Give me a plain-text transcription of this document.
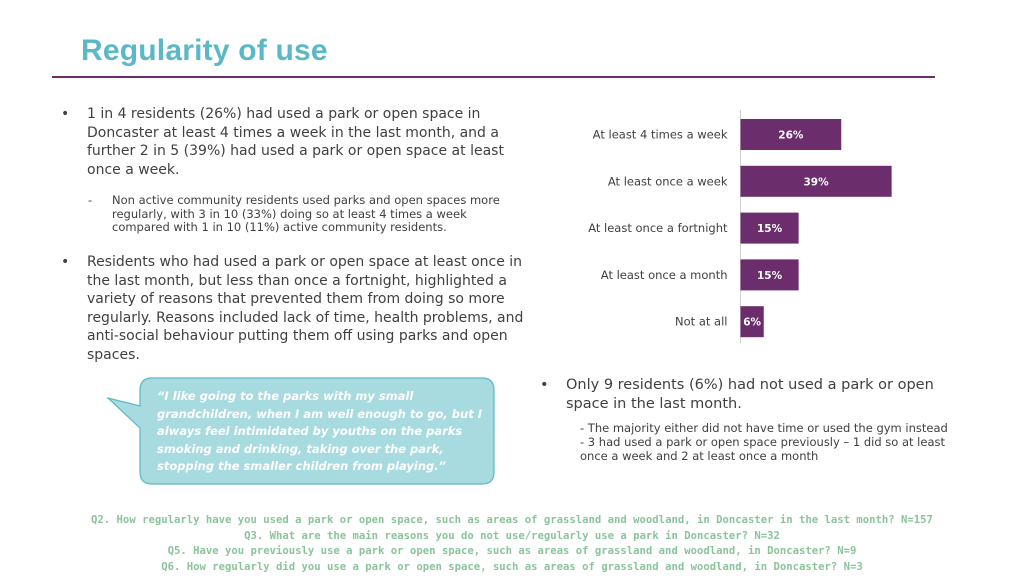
Regularity of use
• 1 in 4 residents (26%) had used a park or open space in Doncaster at least 4 times a week in the last month, and a further 2 in 5 (39%) had used a park or open space at least once a week.
- Non active community residents used parks and open spaces more regularly, with 3 in 10 (33%) doing so at least 4 times a week compared with 1 in 10 (11%) active community residents.
• Residents who had used a park or open space at least once in the last month, but less than once a fortnight, highlighted a variety of reasons that prevented them from doing so more regularly. Reasons included lack of time, health problems, and anti-social behaviour putting them off using parks and open spaces.
“I like going to the parks with my small grandchildren, when I am well enough to go, but I always feel intimidated by youths on the parks smoking and drinking, taking over the park, stopping the smaller children from playing.”
At least 4 times a week	26%
At least once a week	39%
At least once a fortnight	15%
At least once a month	15%
Not at all 6%
• Only 9 residents (6%) had not used a park or open space in the last month.
- The majority either did not have time or used the gym instead
- 3 had used a park or open space previously – 1 did so at least once a week and 2 at least once a month
Q2. How regularly have you used a park or open space, such as areas of grassland and woodland, in Doncaster in the last month? N=157
Q3. What are the main reasons you do not use/regularly use a park in Doncaster? N=32
Q5. Have you previously use a park or open space, such as areas of grassland and woodland, in Doncaster? N=9
Q6. How regularly did you use a park or open space, such as areas of grassland and woodland, in Doncaster? N=3
